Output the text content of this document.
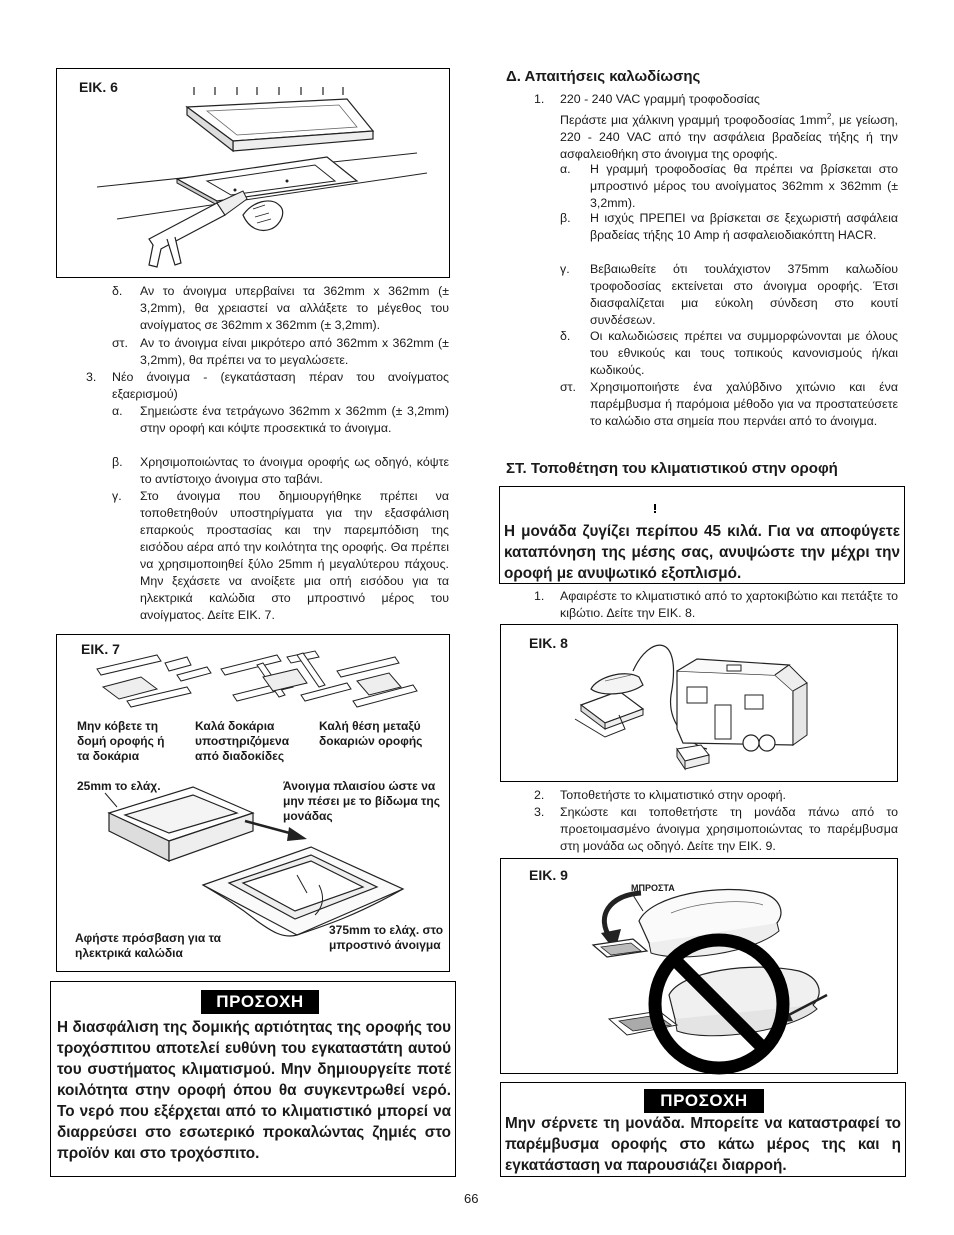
ΕΙΚ. 6
δ. Αν το άνοιγμα υπερβαίνει τα 362mm x 362mm (± 3,2mm), θα χρειαστεί να αλλάξετε το μέγεθος του ανοίγματος σε 362mm x 362mm (± 3,2mm).
στ. Αν το άνοιγμα είναι μικρότερο από 362mm x 362mm (± 3,2mm), θα πρέπει να το μεγαλώσετε.
3. Νέο άνοιγμα - (εγκατάσταση πέραν του ανοίγματος εξαερισμού)
α. Σημειώστε ένα τετράγωνο 362mm x 362mm (± 3,2mm) στην οροφή και κόψτε προσεκτικά το άνοιγμα.
β. Χρησιμοποιώντας το άνοιγμα οροφής ως οδηγό, κόψτε το αντίστοιχο άνοιγμα στο ταβάνι.
γ. Στο άνοιγμα που δημιουργήθηκε πρέπει να τοποθετηθούν υποστηρίγματα για την εξασφάλιση επαρκούς προστασίας και την παρεμπόδιση της εισόδου αέρα από την κοιλότητα της οροφής. Θα πρέπει να χρησιμοποιηθεί ξύλο 25mm ή μεγαλύτερου πάχους. Μην ξεχάσετε να ανοίξετε μια οπή εισόδου για τα ηλεκτρικά καλώδια στο μπροστινό μέρος του ανοίγματος. Δείτε ΕΙΚ. 7.
ΕΙΚ. 7
Μην κόβετε τη δομή οροφής ή τα δοκάρια
Καλά δοκάρια υποστηριζόμενα από διαδοκίδες
Καλή θέση μεταξύ δοκαριών οροφής
25mm το ελάχ.	Άνοιγμα πλαισίου ώστε να μην πέσει με το βίδωμα της μονάδας
Αφήστε πρόσβαση για τα ηλεκτρικά καλώδια
375mm το ελάχ. στο μπροστινό άνοιγμα
ΠΡΟΣΟΧΗ
Η διασφάλιση της δομικής αρτιότητας της οροφής του τροχόσπιτου αποτελεί ευθύνη του εγκαταστάτη αυτού του συστήματος κλιματισμού. Μην δημιουργείτε ποτέ κοιλότητα στην οροφή όπου θα συγκεντρωθεί νερό. Το νερό που εξέρχεται από το κλιματιστικό μπορεί να διαρρεύσει στο εσωτερικό προκαλώντας ζημιές στο προϊόν και στο τροχόσπιτο.
Δ. Απαιτήσεις καλωδίωσης
1. 220 - 240 VAC γραμμή τροφοδοσίας
Περάστε μια χάλκινη γραμμή τροφοδοσίας $1mm^2$, με γείωση, 220 - 240 VAC από την ασφάλεια βραδείας τήξης ή την ασφαλειοθήκη στο άνοιγμα της οροφής.
α. Η γραμμή τροφοδοσίας θα πρέπει να βρίσκεται στο μπροστινό μέρος του ανοίγματος 362mm x 362mm (± 3,2mm).
β. Η ισχύς ΠΡΕΠΕΙ να βρίσκεται σε ξεχωριστή ασφάλεια βραδείας τήξης 10 Amp ή ασφαλειοδιακόπτη HACR.
γ. Βεβαιωθείτε ότι τουλάχιστον 375mm καλωδίου τροφοδοσίας εκτείνεται στο άνοιγμα οροφής. Έτσι διασφαλίζεται μια εύκολη σύνδεση στο κουτί συνδέσεων.
δ. Οι καλωδιώσεις πρέπει να συμμορφώνονται με όλους του εθνικούς και τους τοπικούς κανονισμούς ή/και κωδικούς.
στ. Χρησιμοποιήστε ένα χαλύβδινο χιτώνιο και ένα παρέμβυσμα ή παρόμοια μέθοδο για να προστατεύσετε το καλώδιο στα σημεία που περνάει από το άνοιγμα.
ΣΤ. Τοποθέτηση του κλιματιστικού στην οροφή
ΠΡΟΣΟΧΗ
Η μονάδα ζυγίζει περίπου 45 κιλά. Για να αποφύγετε καταπόνηση της μέσης σας, ανυψώστε την μέχρι την οροφή με ανυψωτικό εξοπλισμό.
1. Αφαιρέστε το κλιματιστικό από το χαρτοκιβώτιο και πετάξτε το κιβώτιο. Δείτε την ΕΙΚ. 8.
ΕΙΚ. 8
2. Τοποθετήστε το κλιματιστικό στην οροφή.
3. Σηκώστε και τοποθετήστε τη μονάδα πάνω από το προετοιμασμένο άνοιγμα χρησιμοποιώντας το παρέμβυσμα στη μονάδα ως οδηγό. Δείτε την ΕΙΚ. 9.
ΕΙΚ. 9
ΜΠΡΟΣΤΑ
ΠΡΟΣΟΧΗ
Μην σέρνετε τη μονάδα. Μπορείτε να καταστραφεί το παρέμβυσμα οροφής στο κάτω μέρος της και η εγκατάσταση να παρουσιάζει διαρροή.
66
